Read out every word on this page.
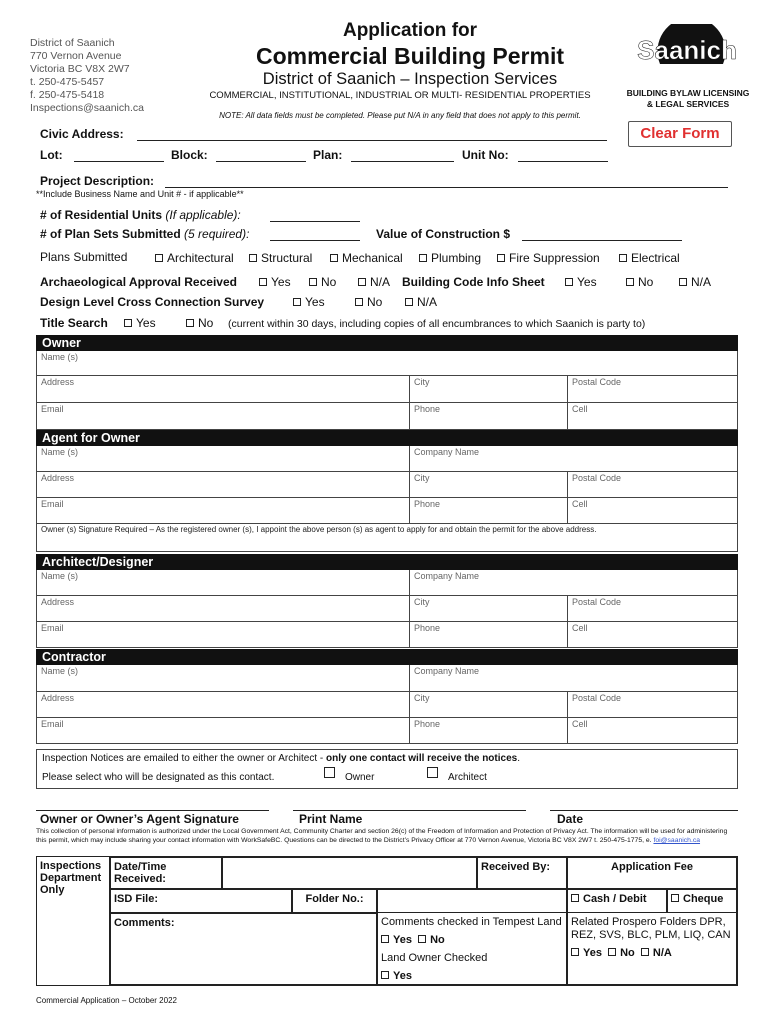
District of Saanich
770 Vernon Avenue
Victoria BC V8X 2W7
t. 250-475-5457
f. 250-475-5418
Inspections@saanich.ca
Application for
Commercial Building Permit
District of Saanich – Inspection Services
COMMERCIAL, INSTITUTIONAL, INDUSTRIAL OR MULTI- RESIDENTIAL PROPERTIES
NOTE: All data fields must be completed. Please put N/A in any field that does not apply to this permit.
Saanich
BUILDING BYLAW LICENSING
& LEGAL SERVICES
Clear Form
Civic Address:
Lot:	Block:	Plan:	Unit No:
Project Description:
**Include Business Name and Unit # - if applicable**
# of Residential Units (If applicable):
# of Plan Sets Submitted (5 required):	Value of Construction $
Plans Submitted	Architectural	Structural	Mechanical	Plumbing	Fire Suppression	Electrical
Archaeological Approval Received	Yes	No	N/A Building Code Info Sheet	Yes	No	N/A
Design Level Cross Connection Survey	Yes	No	N/A
Title Search	Yes	No (current within 30 days, including copies of all encumbrances to which Saanich is party to)
Owner
Name (s)
Address	City	Postal Code
Email	Phone	Cell
Agent for Owner
Name (s)	Company Name
Address	City	Postal Code
Email	Phone	Cell
Owner (s) Signature Required – As the registered owner (s), I appoint the above person (s) as agent to apply for and obtain the permit for the above address.
Architect/Designer
Name (s)	Company Name
Address	City	Postal Code
Email	Phone	Cell
Contractor
Name (s)	Company Name
Address	City	Postal Code
Email	Phone	Cell
Inspection Notices are emailed to either the owner or Architect - only one contact will receive the notices.
Please select who will be designated as this contact.	Owner	Architect
Owner or Owner’s Agent Signature	Print Name	Date
This collection of personal information is authorized under the Local Government Act, Community Charter and section 26(c) of the Freedom of Information and Protection of Privacy Act. The information will be used for administering this permit, which may include sharing your contact information with WorkSafeBC. Questions can be directed to the District’s Privacy Officer at 770 Vernon Avenue, Victoria BC V8X 2W7 t. 250-475-1775, e. foi@saanich.ca
Inspections Department Only
Date/Time Received:
Received By:	Application Fee
ISD File:	Folder No.:	Cash / Debit	Cheque
Comments:	Comments checked in Tempest Land
Yes No
Land Owner Checked
Yes
Related Prospero Folders DPR, REZ, SVS, BLC, PLM, LIQ, CAN
Yes No N/A
Commercial Application – October 2022
